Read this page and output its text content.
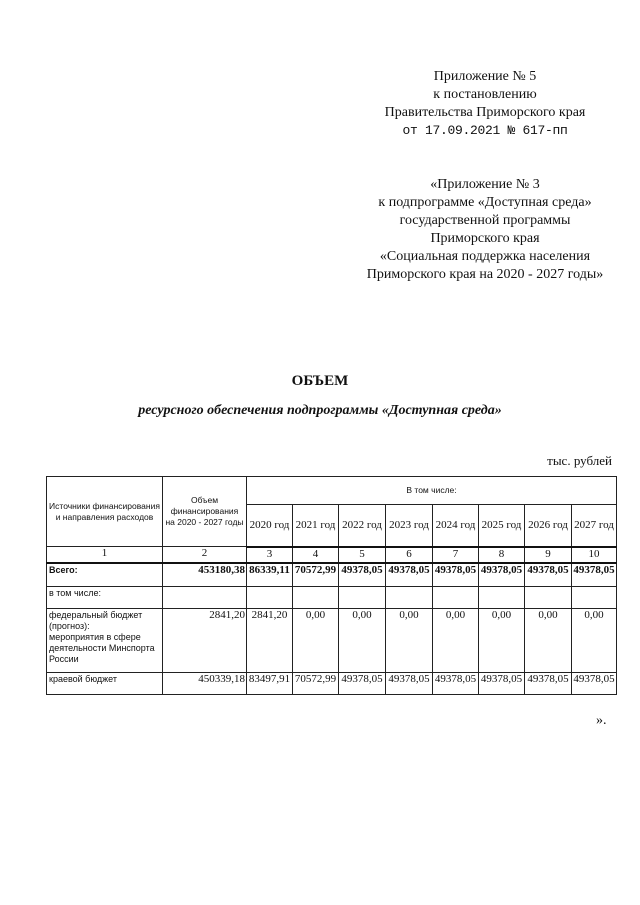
Приложение № 5
к постановлению
Правительства Приморского края
от 17.09.2021 № 617-пп
«Приложение № 3
к подпрограмме «Доступная среда»
государственной программы
Приморского края
«Социальная поддержка населения
Приморского края на 2020 - 2027 годы»
ОБЪЕМ
ресурсного обеспечения подпрограммы «Доступная среда»
тыс. рублей
Источники финансирования и направления расходов	Объем финансирования на 2020 - 2027 годы	В том числе:							
		2020 год	2021 год	2022 год	2023 год	2024 год	2025 год	2026 год	2027 год
1	2	3	4	5	6	7	8	9	10
Всего:	453180,38	86339,11	70572,99	49378,05	49378,05	49378,05	49378,05	49378,05	49378,05
в том числе:									

федеральный бюджет (прогноз):
мероприятия в сфере деятельности Минспорта России	2841,20	2841,20	0,00	0,00	0,00	0,00	0,00	0,00	0,00
краевой бюджет	450339,18	83497,91	70572,99	49378,05	49378,05	49378,05	49378,05	49378,05	49378,05
».
